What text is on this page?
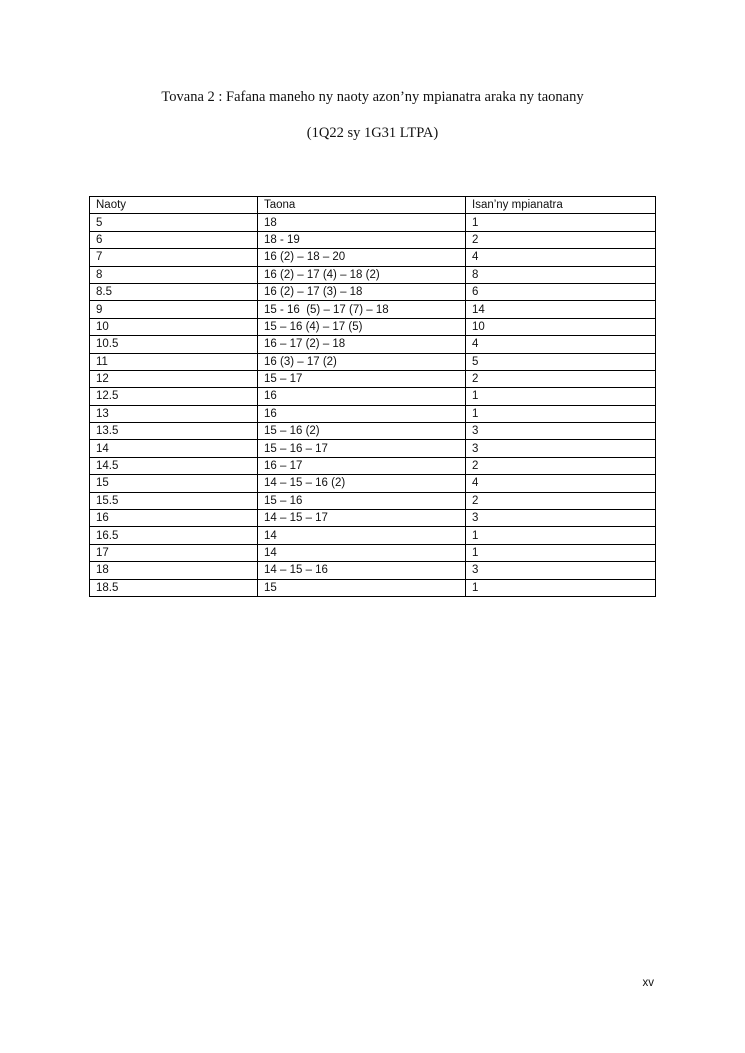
Tovana 2 : Fafana maneho ny naoty azon’ny mpianatra araka ny taonany
(1Q22 sy 1G31 LTPA)
Naoty	Taona	Isan’ny mpianatra
5	18	1
6	18 - 19	2
7	16 (2) – 18 – 20	4
8	16 (2) – 17 (4) – 18 (2)	8
8.5	16 (2) – 17 (3) – 18	6
9	15 - 16  (5) – 17 (7) – 18	14
10	15 – 16 (4) – 17 (5)	10
10.5	16 – 17 (2) – 18	4
11	16 (3) – 17 (2)	5
12	15 – 17	2
12.5	16	1
13	16	1
13.5	15 – 16 (2)	3
14	15 – 16 – 17	3
14.5	16 – 17	2
15	14 – 15 – 16 (2)	4
15.5	15 – 16	2
16	14 – 15 – 17	3
16.5	14	1
17	14	1
18	14 – 15 – 16	3
18.5	15	1
xv
